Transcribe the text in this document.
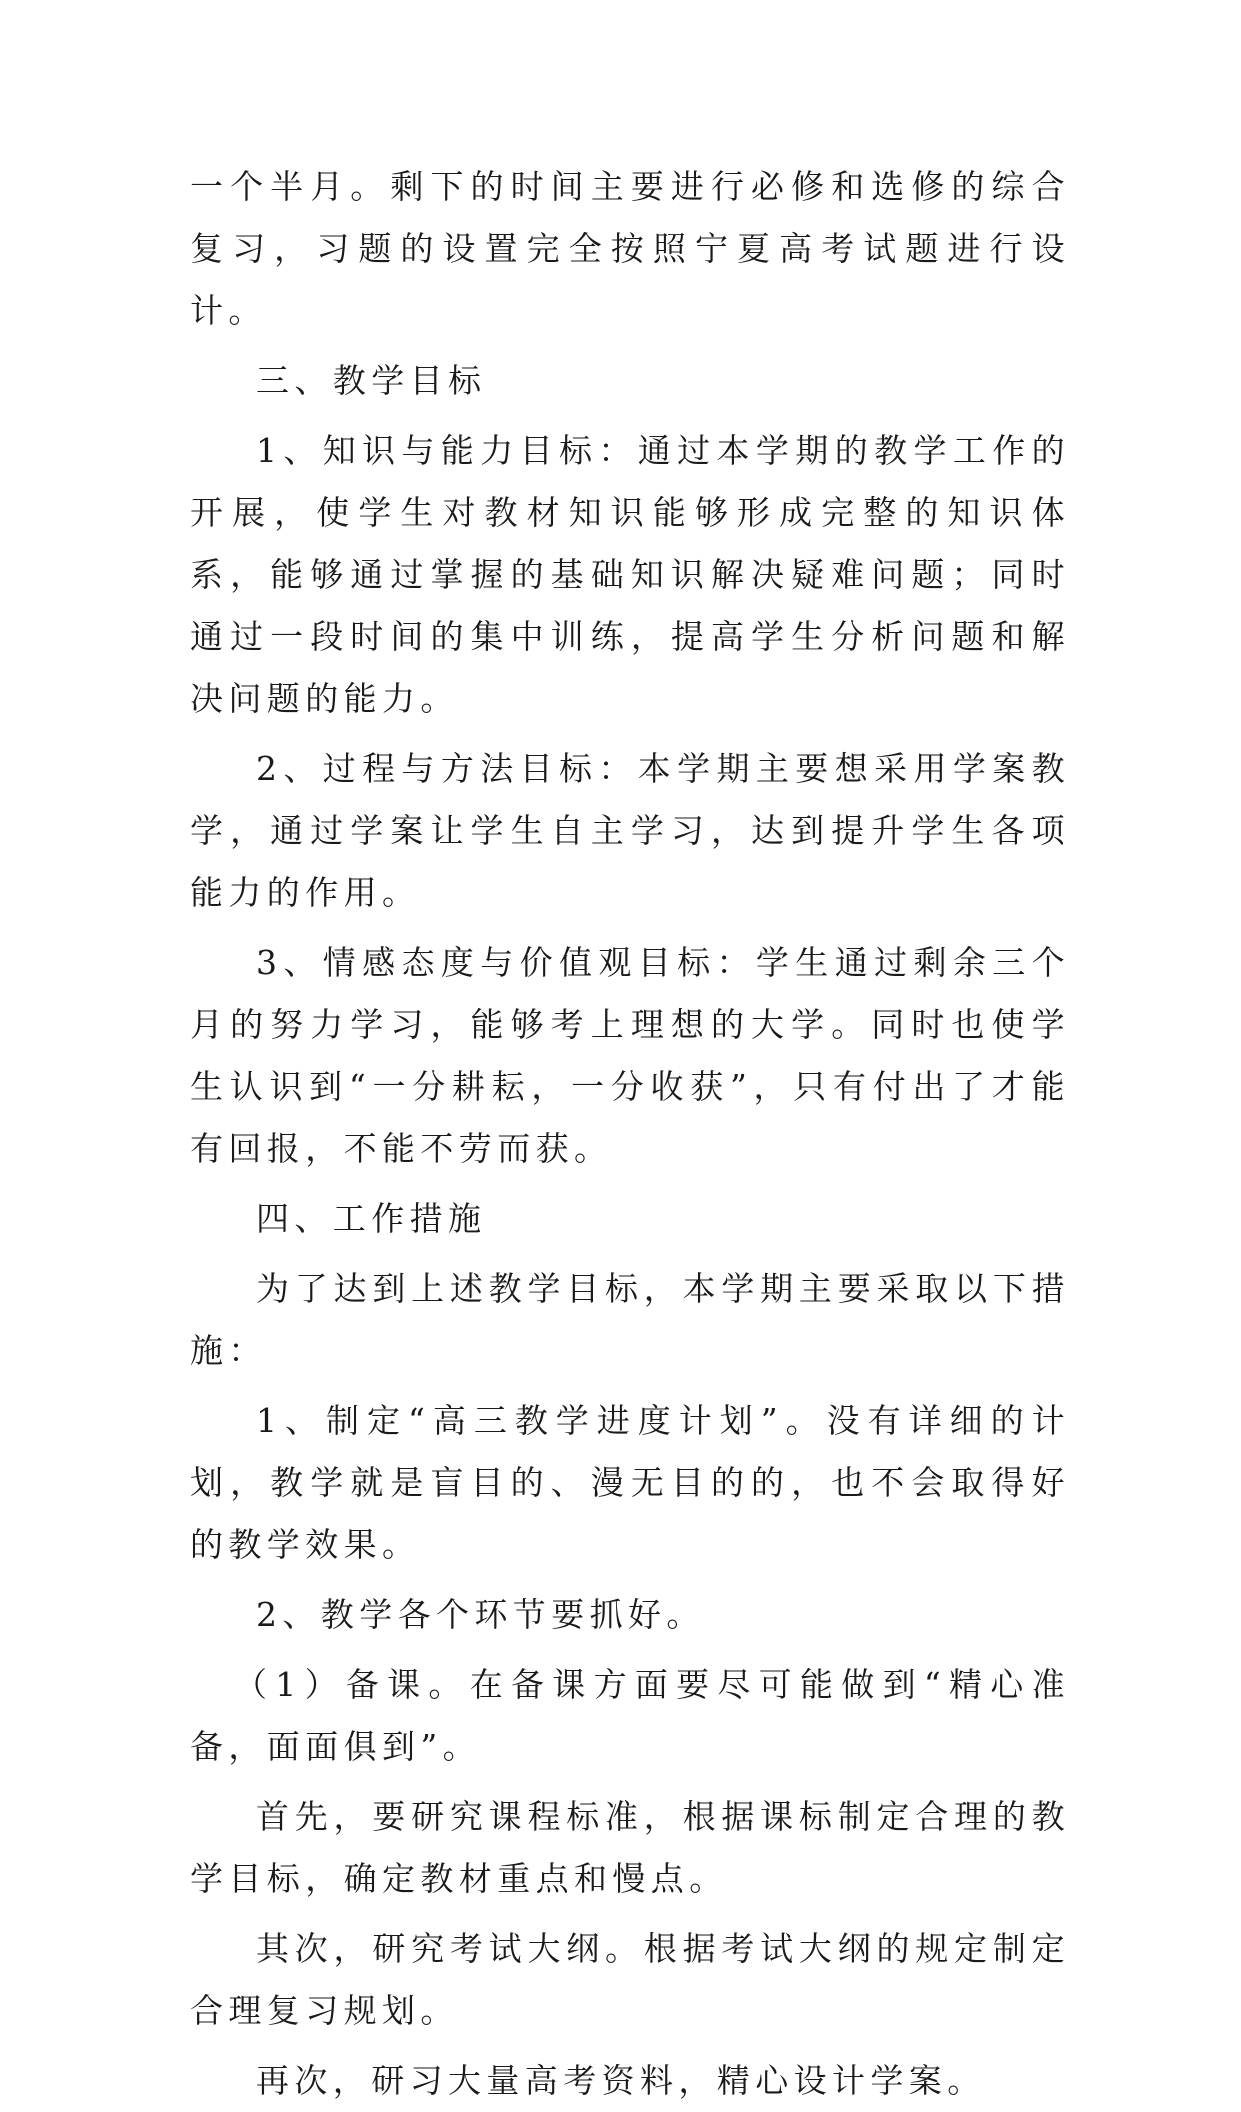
一个半月。剩下的时间主要进行必修和选修的综合复习，习题的设置完全按照宁夏高考试题进行设计。

三、教学目标

1、知识与能力目标：通过本学期的教学工作的开展，使学生对教材知识能够形成完整的知识体系，能够通过掌握的基础知识解决疑难问题；同时通过一段时间的集中训练，提高学生分析问题和解决问题的能力。

2、过程与方法目标：本学期主要想采用学案教学，通过学案让学生自主学习，达到提升学生各项能力的作用。

3、情感态度与价值观目标：学生通过剩余三个月的努力学习，能够考上理想的大学。同时也使学生认识到“一分耕耘，一分收获”，只有付出了才能有回报，不能不劳而获。

四、工作措施

为了达到上述教学目标，本学期主要采取以下措施：

1、制定“高三教学进度计划”。没有详细的计划，教学就是盲目的、漫无目的的，也不会取得好的教学效果。

2、教学各个环节要抓好。

（1）备课。在备课方面要尽可能做到“精心准备，面面俱到”。

首先，要研究课程标准，根据课标制定合理的教学目标，确定教材重点和慢点。

其次，研究考试大纲。根据考试大纲的规定制定合理复习规划。

再次，研习大量高考资料，精心设计学案。
